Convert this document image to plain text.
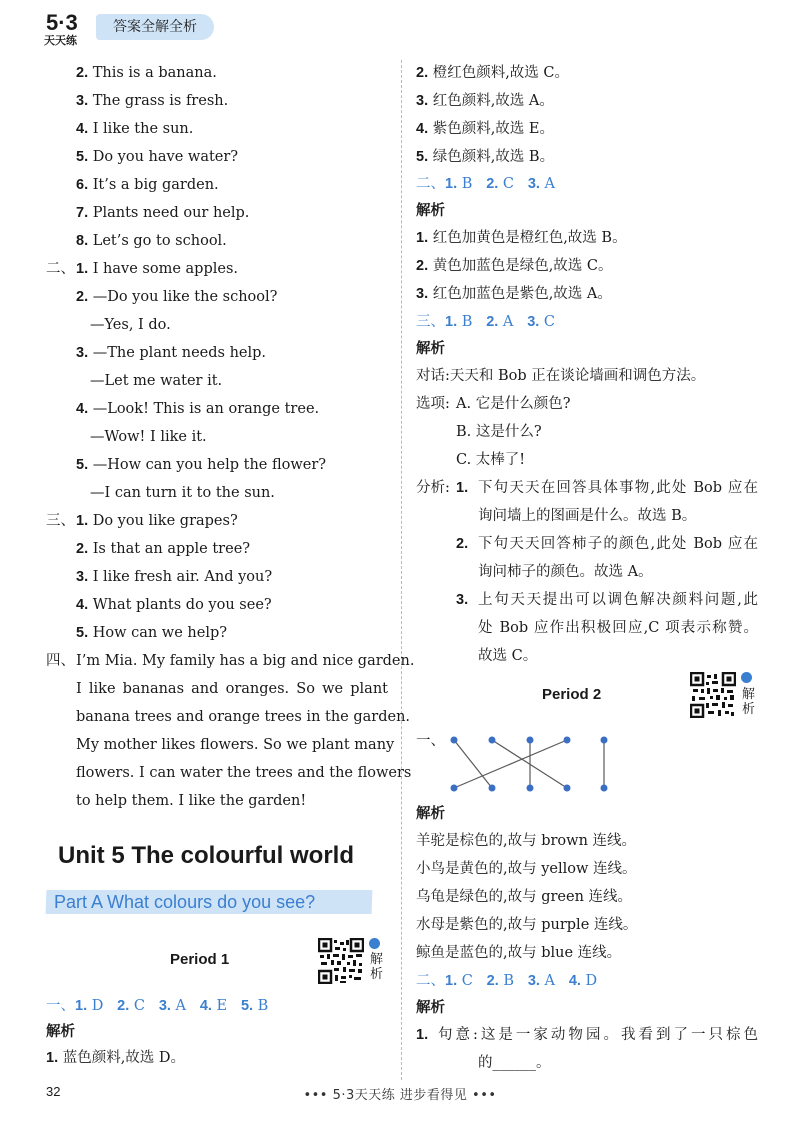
5·3
天天练
答案全解全析
2. This is a banana.
3. The grass is fresh.
4. I like the sun.
5. Do you have water?
6. It’s a big garden.
7. Plants need our help.
8. Let’s go to school.
二、 1. I have some apples.
2. —Do you like the school?
—Yes, I do.
3. —The plant needs help.
—Let me water it.
4. —Look! This is an orange tree.
—Wow! I like it.
5. —How can you help the flower?
—I can turn it to the sun.
三、 1. Do you like grapes?
2. Is that an apple tree?
3. I like fresh air. And you?
4. What plants do you see?
5. How can we help?
四、 I’m Mia. My family has a big and nice garden.
I like bananas and oranges. So we plant
banana trees and orange trees in the garden.
My mother likes flowers. So we plant many
flowers. I can water the trees and the flowers
to help them. I like the garden!
Unit 5 The colourful world
Part A What colours do you see?
Period 1	解析
一、1. D 2. C 3. A 4. E 5. B
解析
1. 蓝色颜料,故选 D。
2. 橙红色颜料,故选 C。
3. 红色颜料,故选 A。
4. 紫色颜料,故选 E。
5. 绿色颜料,故选 B。
二、1. B 2. C 3. A
解析
1. 红色加黄色是橙红色,故选 B。
2. 黄色加蓝色是绿色,故选 C。
3. 红色加蓝色是紫色,故选 A。
三、1. B 2. A 3. C
解析
对话:天天和 Bob 正在谈论墙画和调色方法。
选项: A. 它是什么颜色?
B. 这是什么?
C. 太棒了!
分析: 1. 下句天天在回答具体事物,此处 Bob 应在
询问墙上的图画是什么。故选 B。
2. 下句天天回答柿子的颜色,此处 Bob 应在
询问柿子的颜色。故选 A。
3. 上句天天提出可以调色解决颜料问题,此
处 Bob 应作出积极回应,C 项表示称赞。
故选 C。
Period 2	解析
一、
解析
羊驼是棕色的,故与 brown 连线。
小鸟是黄色的,故与 yellow 连线。
乌龟是绿色的,故与 green 连线。
水母是紫色的,故与 purple 连线。
鲸鱼是蓝色的,故与 blue 连线。
二、1. C 2. B 3. A 4. D
解析
1. 句意:这是一家动物园。我看到了一只棕色
的______。
32	••• 5·3天天练 进步看得见 •••
